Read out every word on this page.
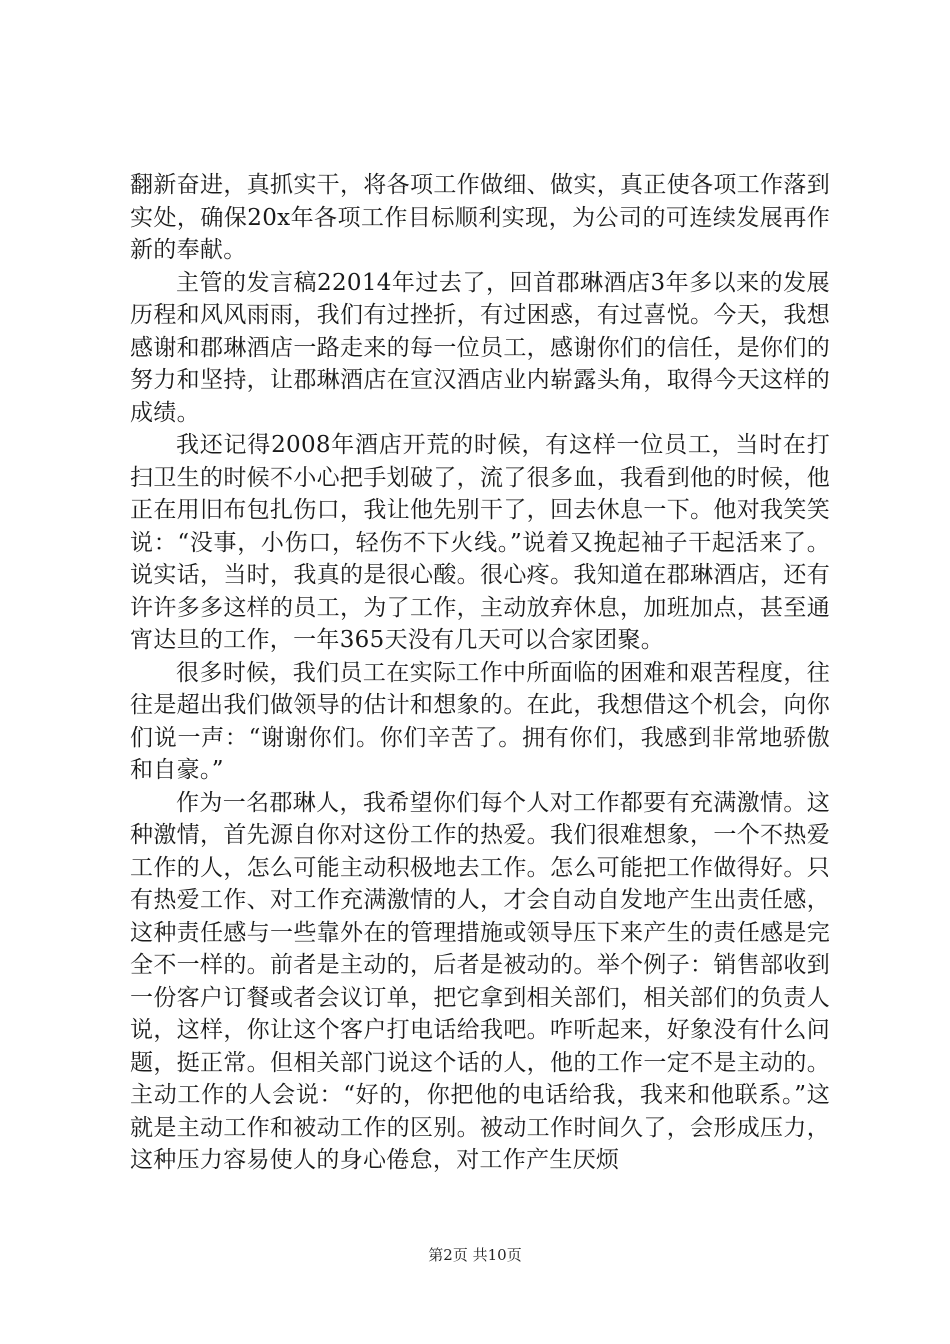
翻新奋进，真抓实干，将各项工作做细、做实，真正使各项工作落到实处，确保20x年各项工作目标顺利实现，为公司的可连续发展再作新的奉献。

主管的发言稿22014年过去了，回首郡琳酒店3年多以来的发展历程和风风雨雨，我们有过挫折，有过困惑，有过喜悦。今天，我想感谢和郡琳酒店一路走来的每一位员工，感谢你们的信任，是你们的努力和坚持，让郡琳酒店在宣汉酒店业内崭露头角，取得今天这样的成绩。

我还记得2008年酒店开荒的时候，有这样一位员工，当时在打扫卫生的时候不小心把手划破了，流了很多血，我看到他的时候，他正在用旧布包扎伤口，我让他先别干了，回去休息一下。他对我笑笑说：“没事，小伤口，轻伤不下火线。”说着又挽起袖子干起活来了。说实话，当时，我真的是很心酸。很心疼。我知道在郡琳酒店，还有许许多多这样的员工，为了工作，主动放弃休息，加班加点，甚至通宵达旦的工作，一年365天没有几天可以合家团聚。

很多时候，我们员工在实际工作中所面临的困难和艰苦程度，往往是超出我们做领导的估计和想象的。在此，我想借这个机会，向你们说一声：“谢谢你们。你们辛苦了。拥有你们，我感到非常地骄傲和自豪。”

作为一名郡琳人，我希望你们每个人对工作都要有充满激情。这种激情，首先源自你对这份工作的热爱。我们很难想象，一个不热爱工作的人，怎么可能主动积极地去工作。怎么可能把工作做得好。只有热爱工作、对工作充满激情的人，才会自动自发地产生出责任感，这种责任感与一些靠外在的管理措施或领导压下来产生的责任感是完全不一样的。前者是主动的，后者是被动的。举个例子：销售部收到一份客户订餐或者会议订单，把它拿到相关部们，相关部们的负责人说，这样，你让这个客户打电话给我吧。咋听起来，好象没有什么问题，挺正常。但相关部门说这个话的人，他的工作一定不是主动的。主动工作的人会说：“好的，你把他的电话给我，我来和他联系。”这就是主动工作和被动工作的区别。被动工作时间久了，会形成压力，这种压力容易使人的身心倦怠，对工作产生厌烦

第2页 共10页
